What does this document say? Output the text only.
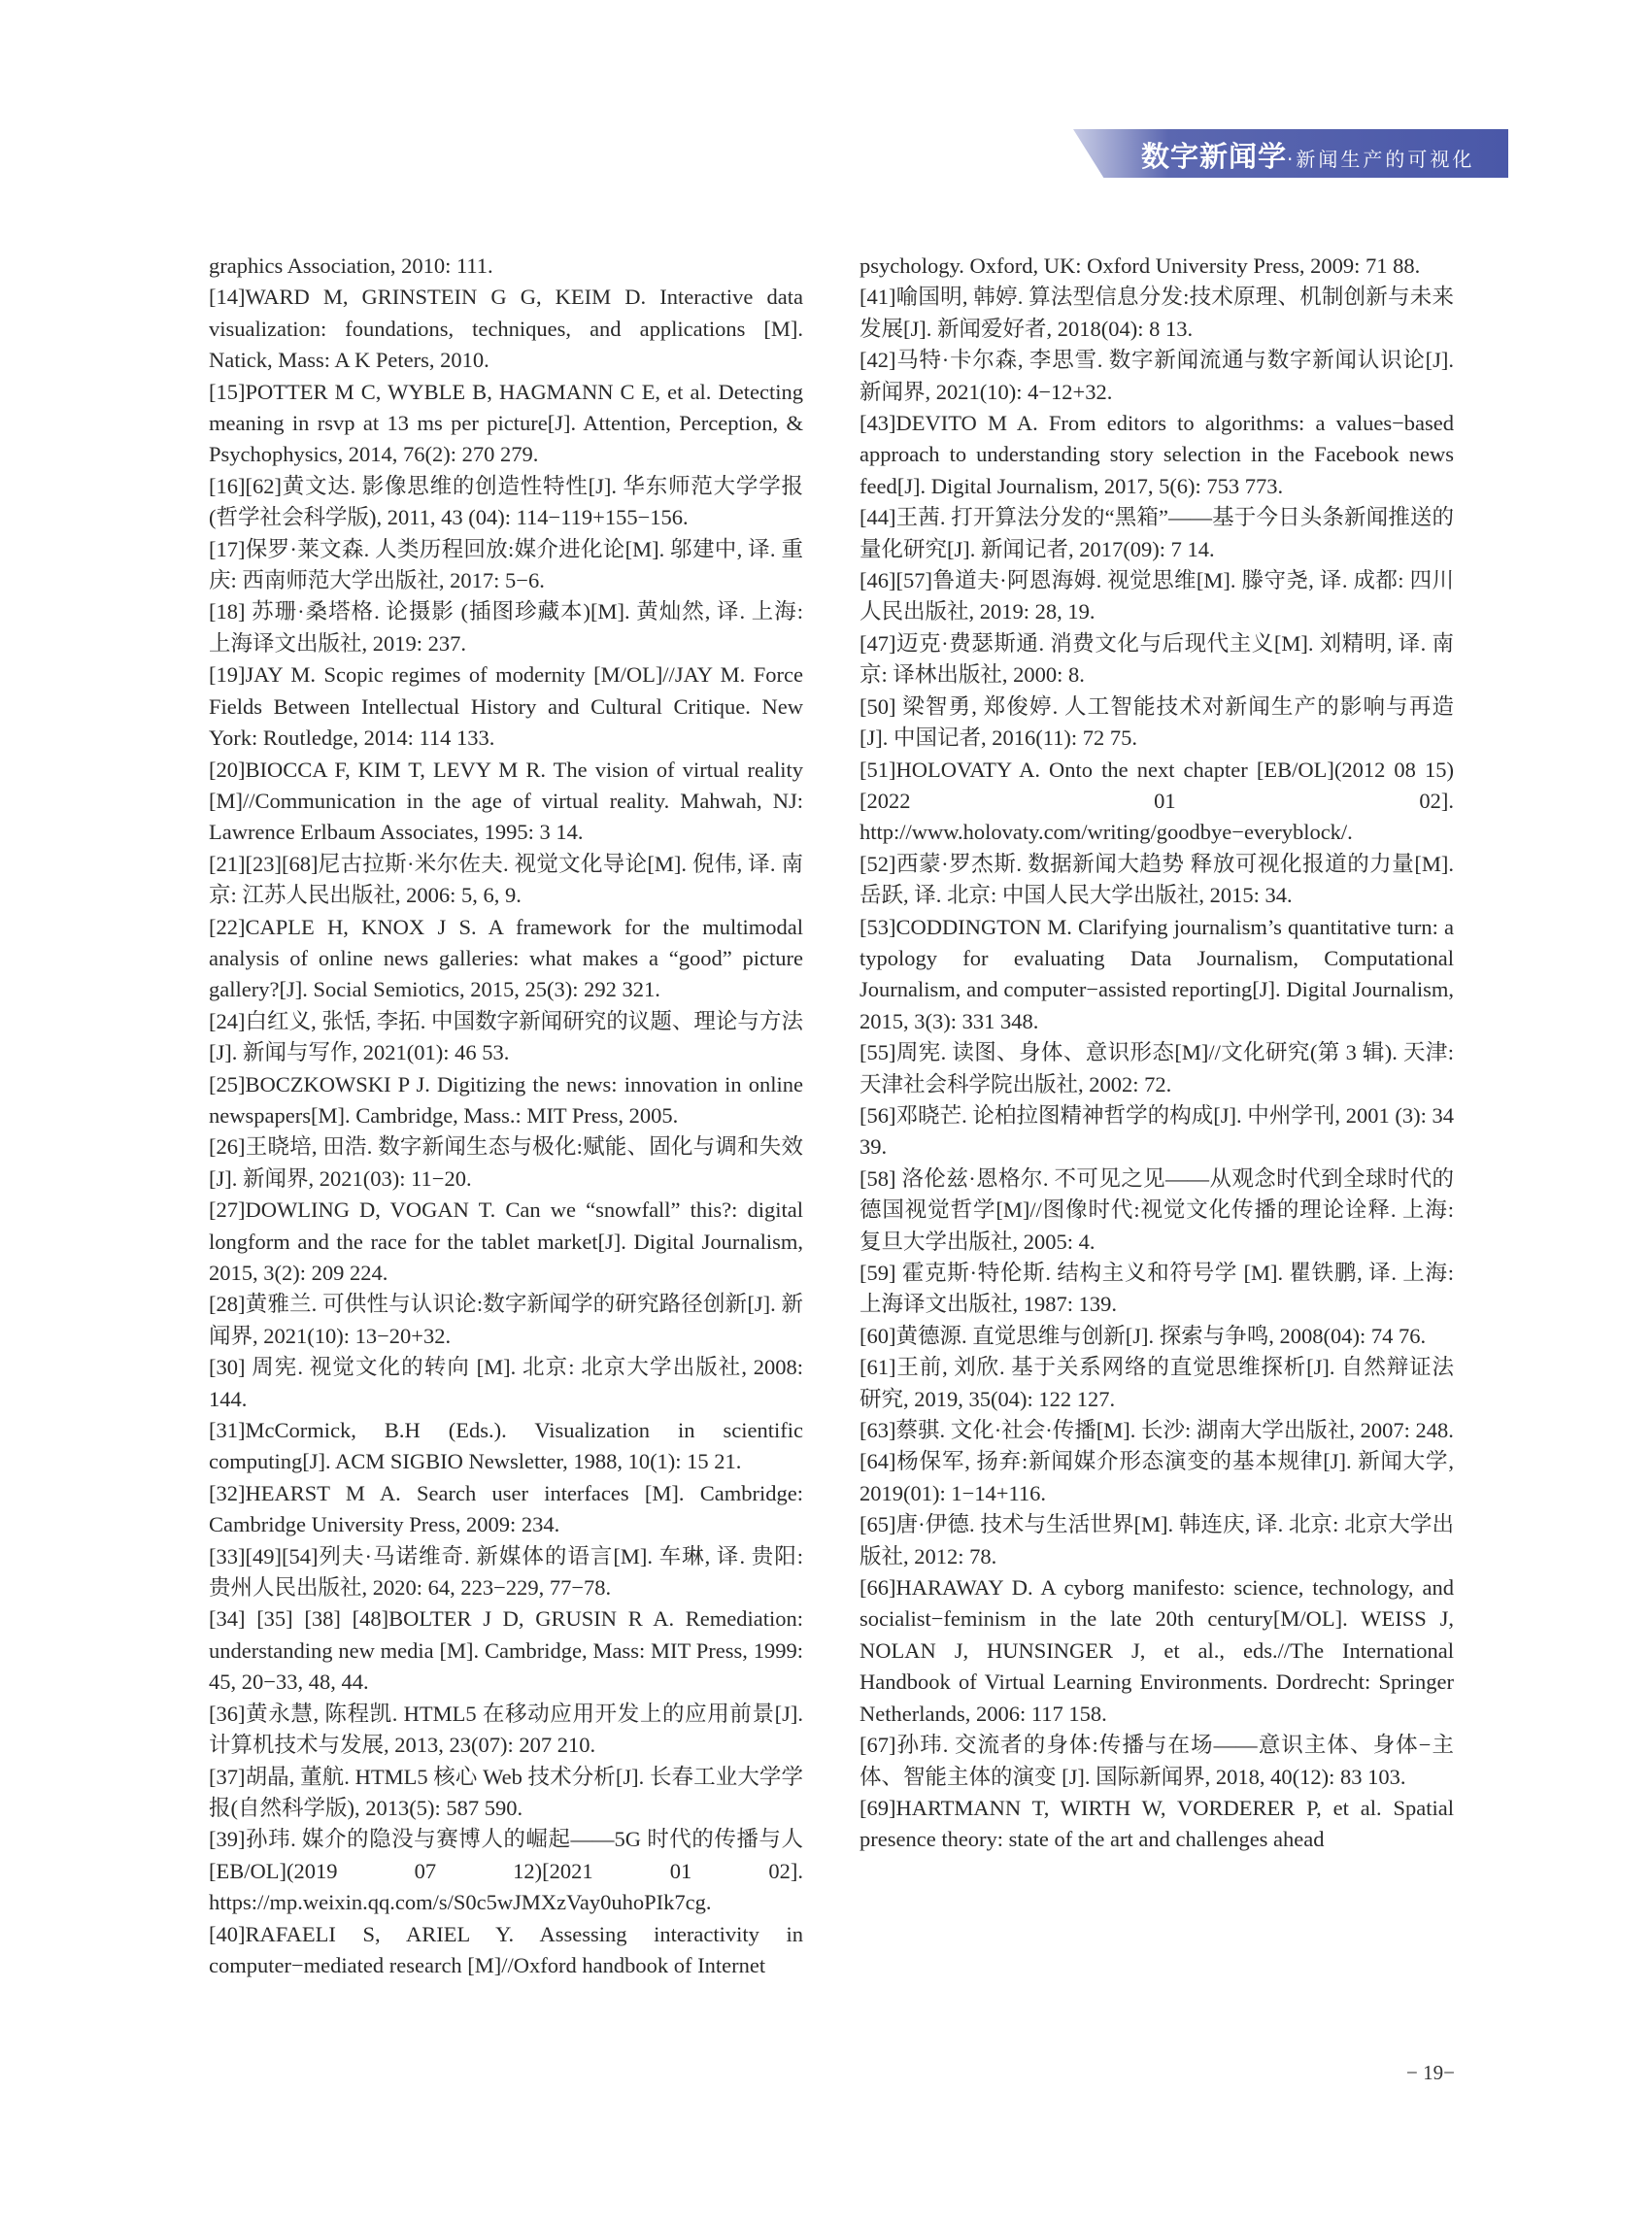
数字新闻学·新闻生产的可视化

graphics Association, 2010: 111.

[14]WARD M, GRINSTEIN G G, KEIM D. Interactive data visualization: foundations, techniques, and applications [M]. Natick, Mass: A K Peters, 2010.

[15]POTTER M C, WYBLE B, HAGMANN C E, et al. Detecting meaning in rsvp at 13 ms per picture[J]. Attention, Perception, & Psychophysics, 2014, 76(2): 270 279.

[16][62]黄文达. 影像思维的创造性特性[J]. 华东师范大学学报(哲学社会科学版), 2011, 43 (04): 114−119+155−156.

[17]保罗·莱文森. 人类历程回放:媒介进化论[M]. 邬建中, 译. 重庆: 西南师范大学出版社, 2017: 5−6.

[18] 苏珊·桑塔格. 论摄影 (插图珍藏本)[M]. 黄灿然, 译. 上海: 上海译文出版社, 2019: 237.

[19]JAY M. Scopic regimes of modernity [M/OL]//JAY M. Force Fields Between Intellectual History and Cultural Critique. New York: Routledge, 2014: 114 133.

[20]BIOCCA F, KIM T, LEVY M R. The vision of virtual reality [M]//Communication in the age of virtual reality. Mahwah, NJ: Lawrence Erlbaum Associates, 1995: 3 14.

[21][23][68]尼古拉斯·米尔佐夫. 视觉文化导论[M]. 倪伟, 译. 南京: 江苏人民出版社, 2006: 5, 6, 9.

[22]CAPLE H, KNOX J S. A framework for the multimodal analysis of online news galleries: what makes a “good” picture gallery?[J]. Social Semiotics, 2015, 25(3): 292 321.

[24]白红义, 张恬, 李拓. 中国数字新闻研究的议题、理论与方法[J]. 新闻与写作, 2021(01): 46 53.

[25]BOCZKOWSKI P J. Digitizing the news: innovation in online newspapers[M]. Cambridge, Mass.: MIT Press, 2005.

[26]王晓培, 田浩. 数字新闻生态与极化:赋能、固化与调和失效[J]. 新闻界, 2021(03): 11−20.

[27]DOWLING D, VOGAN T. Can we “snowfall” this?: digital longform and the race for the tablet market[J]. Digital Journalism, 2015, 3(2): 209 224.

[28]黄雅兰. 可供性与认识论:数字新闻学的研究路径创新[J]. 新闻界, 2021(10): 13−20+32.

[30] 周宪. 视觉文化的转向 [M]. 北京: 北京大学出版社, 2008: 144.

[31]McCormick, B.H (Eds.). Visualization in scientific computing[J]. ACM SIGBIO Newsletter, 1988, 10(1): 15 21.

[32]HEARST M A. Search user interfaces [M]. Cambridge: Cambridge University Press, 2009: 234.

[33][49][54]列夫·马诺维奇. 新媒体的语言[M]. 车琳, 译. 贵阳: 贵州人民出版社, 2020: 64, 223−229, 77−78.

[34] [35] [38] [48]BOLTER J D, GRUSIN R A. Remediation: understanding new media [M]. Cambridge, Mass: MIT Press, 1999: 45, 20−33, 48, 44.

[36]黄永慧, 陈程凯. HTML5 在移动应用开发上的应用前景[J]. 计算机技术与发展, 2013, 23(07): 207 210.

[37]胡晶, 董航. HTML5 核心 Web 技术分析[J]. 长春工业大学学报(自然科学版), 2013(5): 587 590.

[39]孙玮. 媒介的隐没与赛博人的崛起——5G 时代的传播与人[EB/OL](2019 07 12)[2021 01 02]. https://mp.weixin.qq.com/s/S0c5wJMXzVay0uhoPIk7cg.

[40]RAFAELI S, ARIEL Y. Assessing interactivity in computer−mediated research [M]//Oxford handbook of Internet

psychology. Oxford, UK: Oxford University Press, 2009: 71 88.

[41]喻国明, 韩婷. 算法型信息分发:技术原理、机制创新与未来发展[J]. 新闻爱好者, 2018(04): 8 13.

[42]马特·卡尔森, 李思雪. 数字新闻流通与数字新闻认识论[J]. 新闻界, 2021(10): 4−12+32.

[43]DEVITO M A. From editors to algorithms: a values−based approach to understanding story selection in the Facebook news feed[J]. Digital Journalism, 2017, 5(6): 753 773.

[44]王茜. 打开算法分发的“黑箱”——基于今日头条新闻推送的量化研究[J]. 新闻记者, 2017(09): 7 14.

[46][57]鲁道夫·阿恩海姆. 视觉思维[M]. 滕守尧, 译. 成都: 四川人民出版社, 2019: 28, 19.

[47]迈克·费瑟斯通. 消费文化与后现代主义[M]. 刘精明, 译. 南京: 译林出版社, 2000: 8.

[50] 梁智勇, 郑俊婷. 人工智能技术对新闻生产的影响与再造[J]. 中国记者, 2016(11): 72 75.

[51]HOLOVATY A. Onto the next chapter [EB/OL](2012 08 15)[2022 01 02]. http://www.holovaty.com/writing/goodbye−everyblock/.

[52]西蒙·罗杰斯. 数据新闻大趋势 释放可视化报道的力量[M]. 岳跃, 译. 北京: 中国人民大学出版社, 2015: 34.

[53]CODDINGTON M. Clarifying journalism’s quantitative turn: a typology for evaluating Data Journalism, Computational Journalism, and computer−assisted reporting[J]. Digital Journalism, 2015, 3(3): 331 348.

[55]周宪. 读图、身体、意识形态[M]//文化研究(第 3 辑). 天津: 天津社会科学院出版社, 2002: 72.

[56]邓晓芒. 论柏拉图精神哲学的构成[J]. 中州学刊, 2001 (3): 34 39.

[58] 洛伦兹·恩格尔. 不可见之见——从观念时代到全球时代的德国视觉哲学[M]//图像时代:视觉文化传播的理论诠释. 上海: 复旦大学出版社, 2005: 4.

[59] 霍克斯·特伦斯. 结构主义和符号学 [M]. 瞿铁鹏, 译. 上海: 上海译文出版社, 1987: 139.

[60]黄德源. 直觉思维与创新[J]. 探索与争鸣, 2008(04): 74 76.

[61]王前, 刘欣. 基于关系网络的直觉思维探析[J]. 自然辩证法研究, 2019, 35(04): 122 127.

[63]蔡骐. 文化·社会·传播[M]. 长沙: 湖南大学出版社, 2007: 248.

[64]杨保军, 扬弃:新闻媒介形态演变的基本规律[J]. 新闻大学, 2019(01): 1−14+116.

[65]唐·伊德. 技术与生活世界[M]. 韩连庆, 译. 北京: 北京大学出版社, 2012: 78.

[66]HARAWAY D. A cyborg manifesto: science, technology, and socialist−feminism in the late 20th century[M/OL]. WEISS J, NOLAN J, HUNSINGER J, et al., eds.//The International Handbook of Virtual Learning Environments. Dordrecht: Springer Netherlands, 2006: 117 158.

[67]孙玮. 交流者的身体:传播与在场——意识主体、身体−主体、智能主体的演变 [J]. 国际新闻界, 2018, 40(12): 83 103.

[69]HARTMANN T, WIRTH W, VORDERER P, et al. Spatial presence theory: state of the art and challenges ahead

− 19−
